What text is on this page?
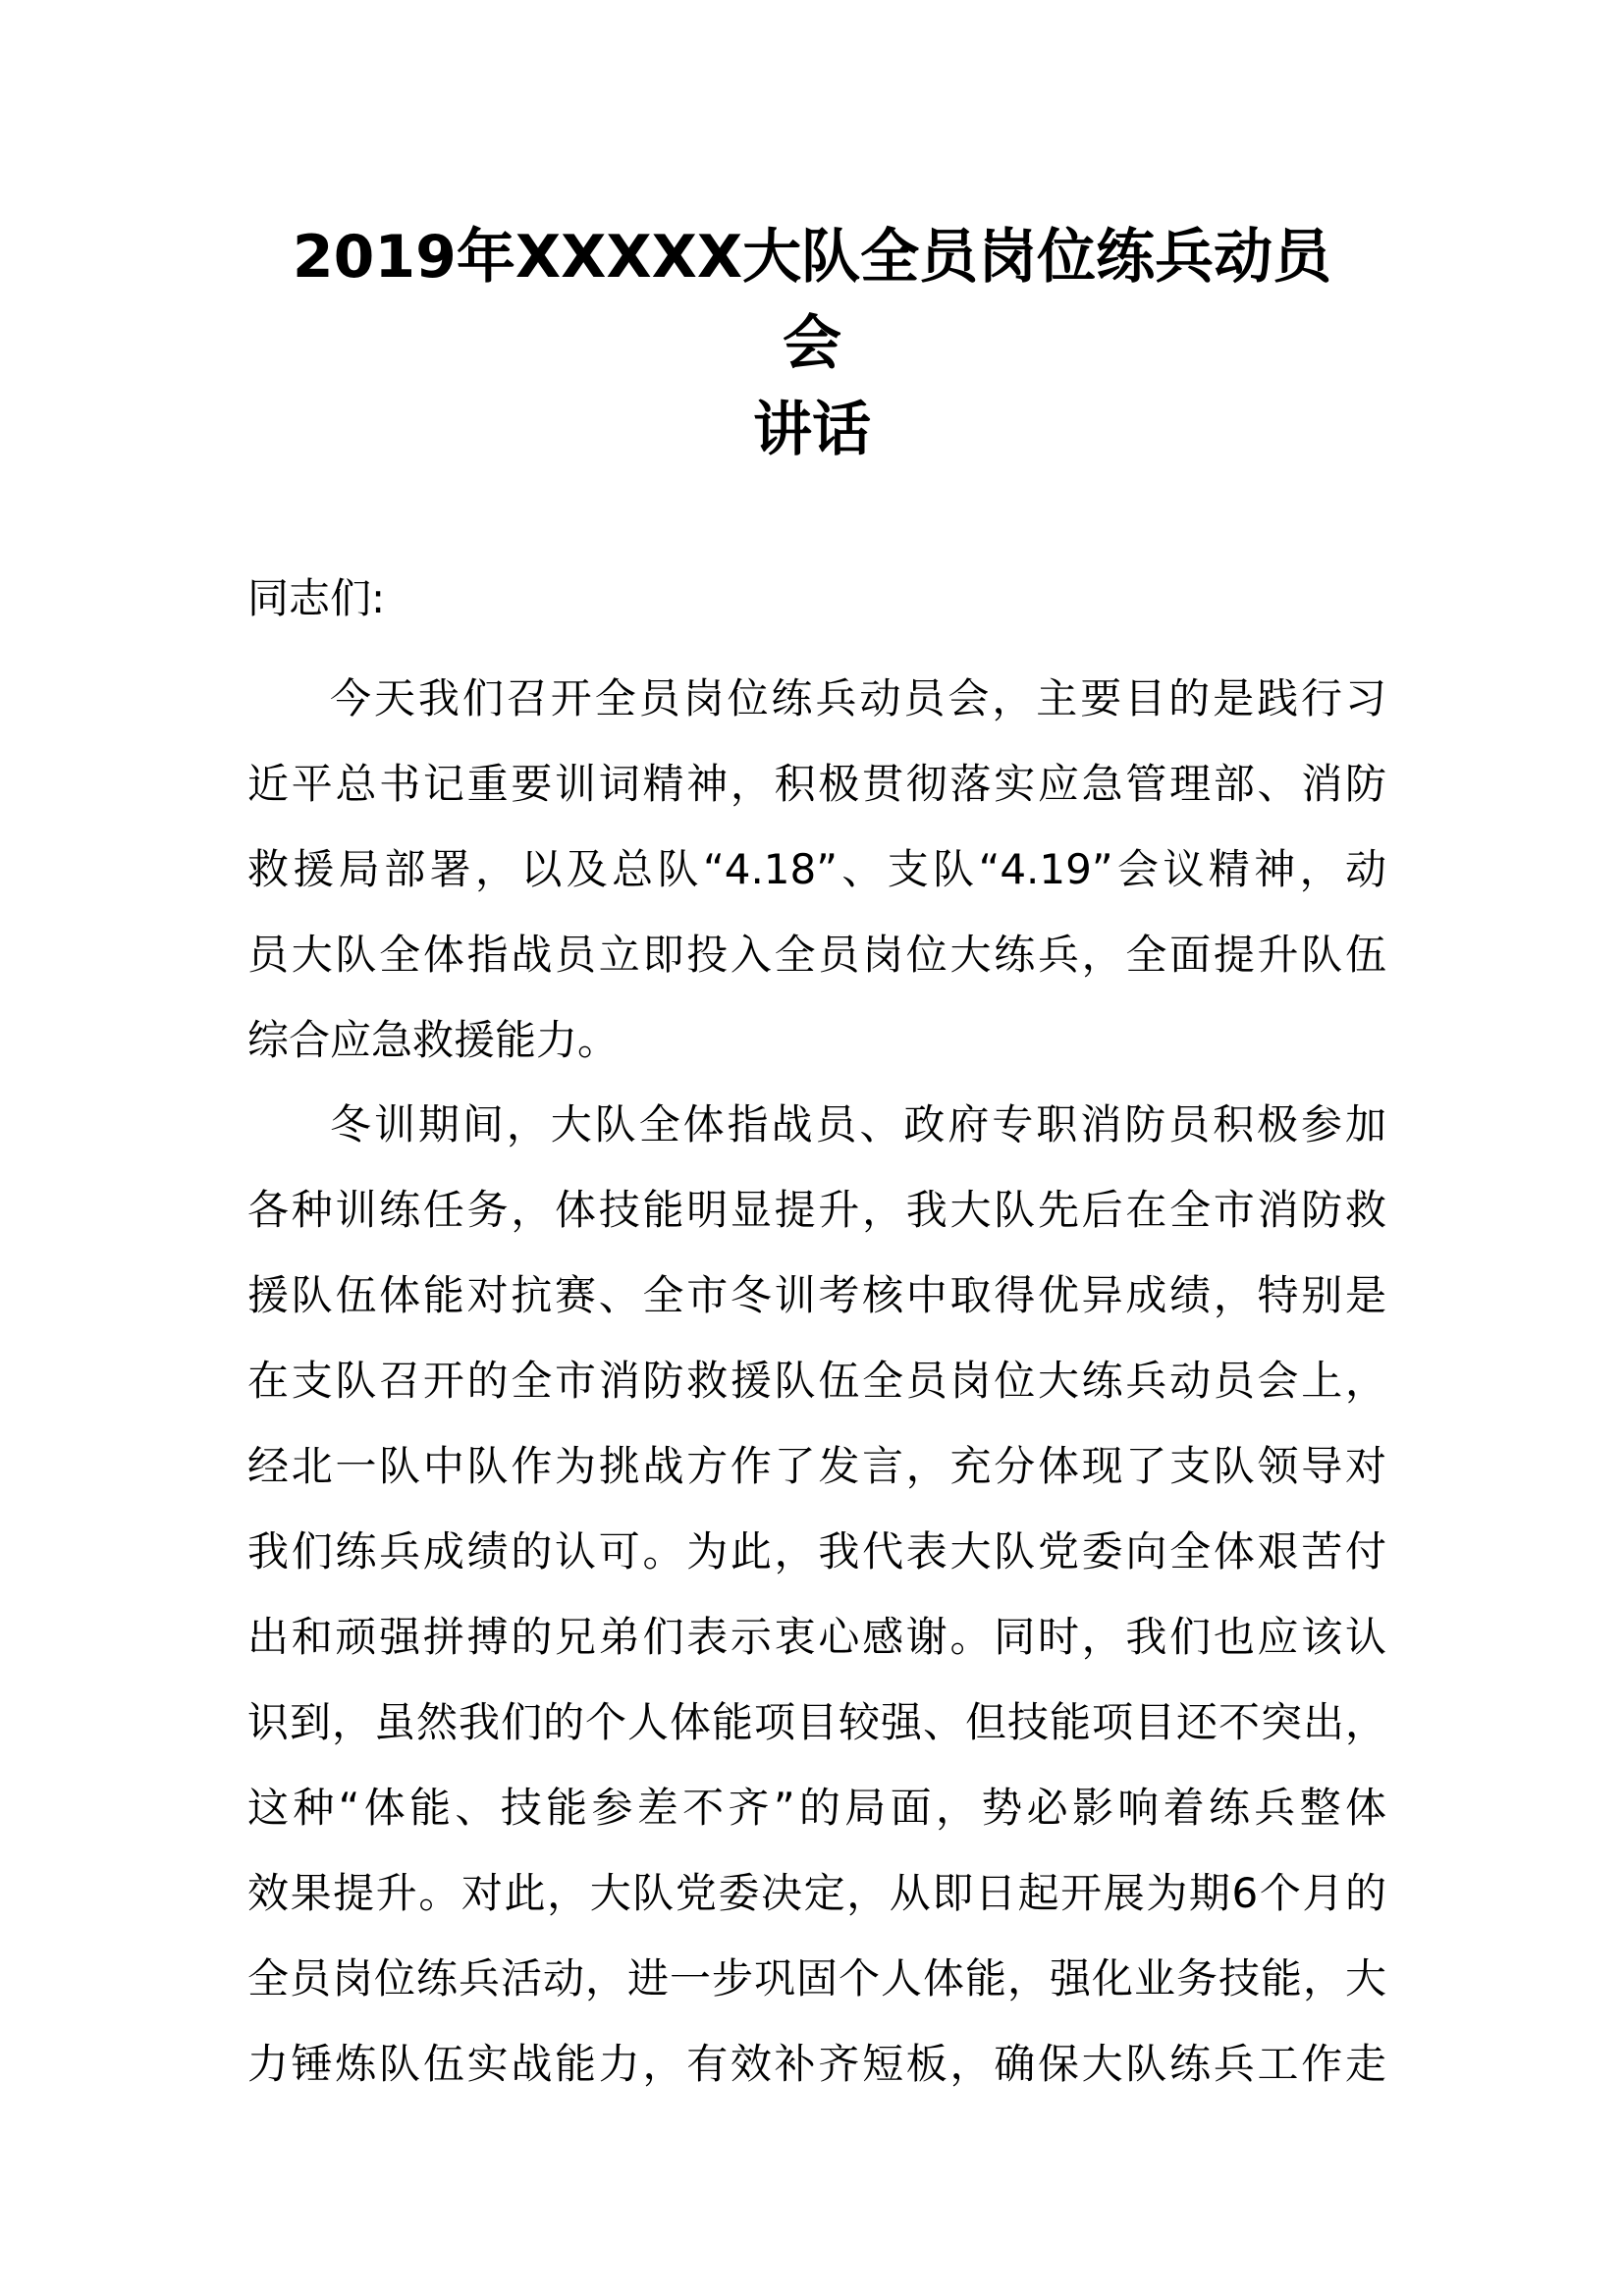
2019年XXXXX大队全员岗位练兵动员
会
讲话

同志们:

今天我们召开全员岗位练兵动员会，主要目的是践行习
近平总书记重要训词精神，积极贯彻落实应急管理部、消防
救援局部署，以及总队“4.18”、支队“4.19”会议精神，动
员大队全体指战员立即投入全员岗位大练兵，全面提升队伍
综合应急救援能力。
冬训期间，大队全体指战员、政府专职消防员积极参加
各种训练任务，体技能明显提升，我大队先后在全市消防救
援队伍体能对抗赛、全市冬训考核中取得优异成绩，特别是
在支队召开的全市消防救援队伍全员岗位大练兵动员会上，
经北一队中队作为挑战方作了发言，充分体现了支队领导对
我们练兵成绩的认可。为此，我代表大队党委向全体艰苦付
出和顽强拼搏的兄弟们表示衷心感谢。同时，我们也应该认
识到，虽然我们的个人体能项目较强、但技能项目还不突出，
这种“体能、技能参差不齐”的局面，势必影响着练兵整体
效果提升。对此，大队党委决定，从即日起开展为期6个月的
全员岗位练兵活动，进一步巩固个人体能，强化业务技能，大
力锤炼队伍实战能力，有效补齐短板，确保大队练兵工作走
